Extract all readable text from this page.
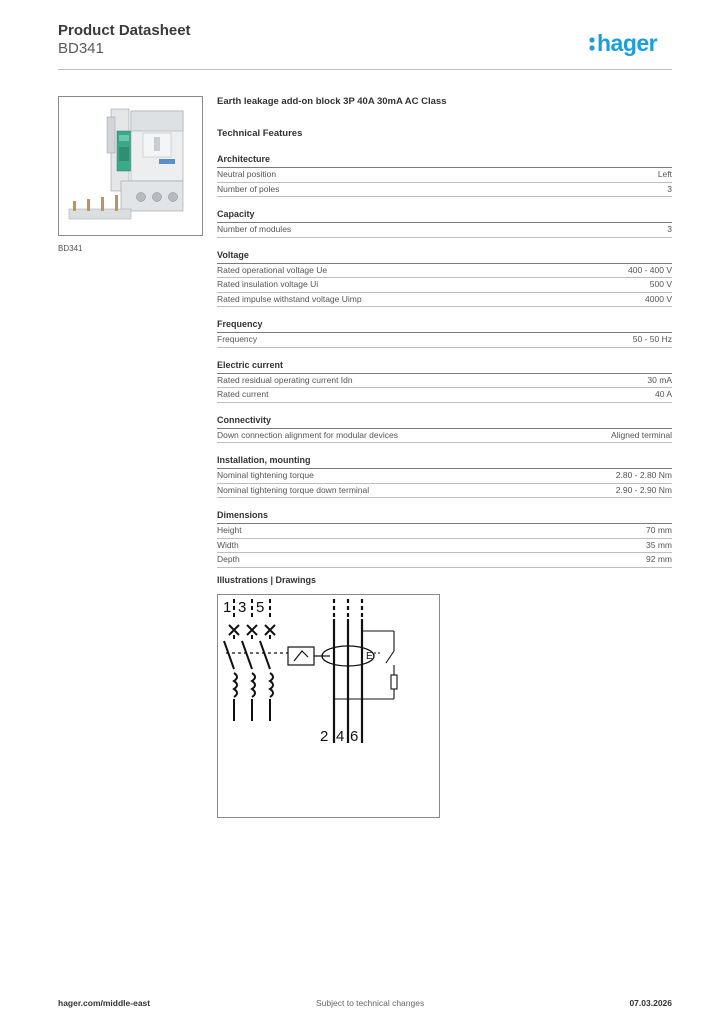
Product Datasheet
BD341	hager
BD341
Earth leakage add-on block 3P 40A 30mA AC Class
Technical Features
Architecture
Neutral position	Left
Number of poles	3
Capacity
Number of modules	3
Voltage
Rated operational voltage Ue	400 - 400 V
Rated insulation voltage Ui	500 V
Rated impulse withstand voltage Uimp	4000 V
Frequency
Frequency	50 - 50 Hz
Electric current
Rated residual operating current Idn	30 mA
Rated current	40 A
Connectivity
Down connection alignment for modular devices	Aligned terminal
Installation, mounting
Nominal tightening torque	2.80 - 2.80 Nm
Nominal tightening torque down terminal	2.90 - 2.90 Nm
Dimensions
Height	70 mm
Width	35 mm
Depth	92 mm
Illustrations | Drawings
1 3 5
E
2 4 6
hager.com/middle-east	Subject to technical changes	07.03.2026
